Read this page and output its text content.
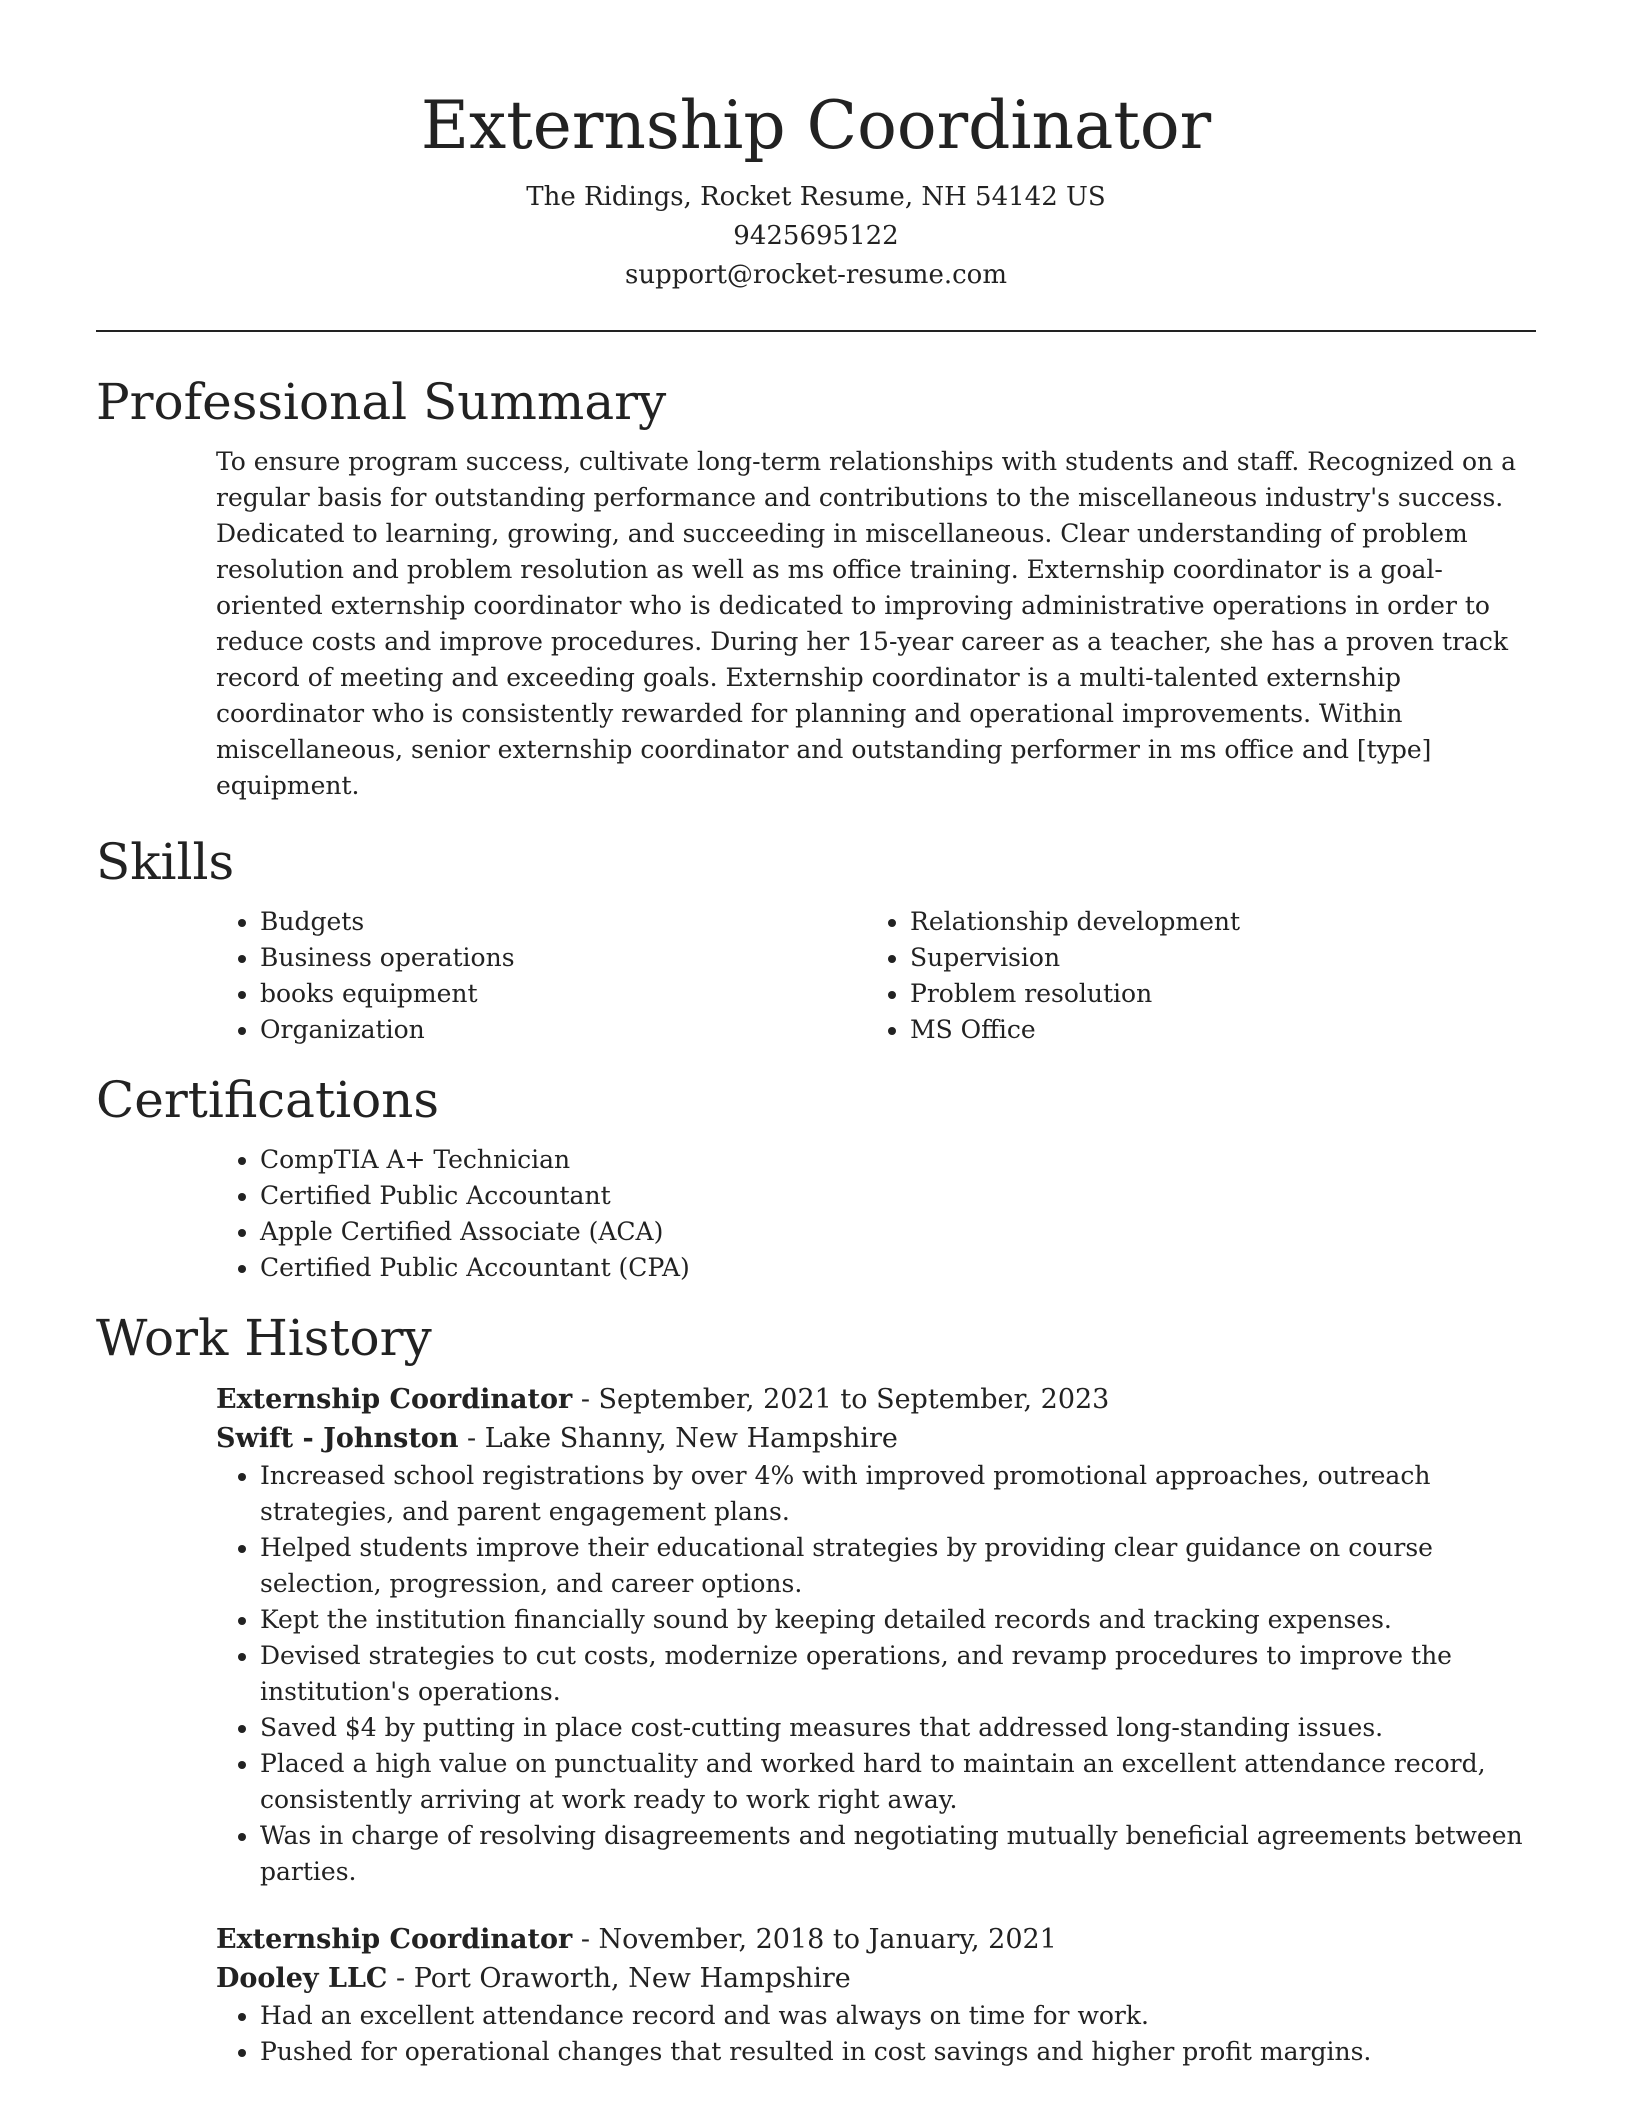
Externship Coordinator
The Ridings, Rocket Resume, NH 54142 US
9425695122
support@rocket-resume.com
Professional Summary

To ensure program success, cultivate long-term relationships with students and staff. Recognized on a regular basis for outstanding performance and contributions to the miscellaneous industry's success. Dedicated to learning, growing, and succeeding in miscellaneous. Clear understanding of problem resolution and problem resolution as well as ms office training. Externship coordinator is a goal-oriented externship coordinator who is dedicated to improving administrative operations in order to reduce costs and improve procedures. During her 15-year career as a teacher, she has a proven track record of meeting and exceeding goals. Externship coordinator is a multi-talented externship coordinator who is consistently rewarded for planning and operational improvements. Within miscellaneous, senior externship coordinator and outstanding performer in ms office and [type] equipment.

Skills
• Budgets
• Business operations
• books equipment
• Organization
• Relationship development
• Supervision
• Problem resolution
• MS Office
Certifications
• CompTIA A+ Technician
• Certified Public Accountant
• Apple Certified Associate (ACA)
• Certified Public Accountant (CPA)
Work History
Externship Coordinator - September, 2021 to September, 2023
Swift - Johnston - Lake Shanny, New Hampshire
• Increased school registrations by over 4% with improved promotional approaches, outreach strategies, and parent engagement plans.
• Helped students improve their educational strategies by providing clear guidance on course selection, progression, and career options.
• Kept the institution financially sound by keeping detailed records and tracking expenses.
• Devised strategies to cut costs, modernize operations, and revamp procedures to improve the institution's operations.
• Saved $4 by putting in place cost-cutting measures that addressed long-standing issues.
• Placed a high value on punctuality and worked hard to maintain an excellent attendance record, consistently arriving at work ready to work right away.
• Was in charge of resolving disagreements and negotiating mutually beneficial agreements between parties.
Externship Coordinator - November, 2018 to January, 2021
Dooley LLC - Port Oraworth, New Hampshire
• Had an excellent attendance record and was always on time for work.
• Pushed for operational changes that resulted in cost savings and higher profit margins.
